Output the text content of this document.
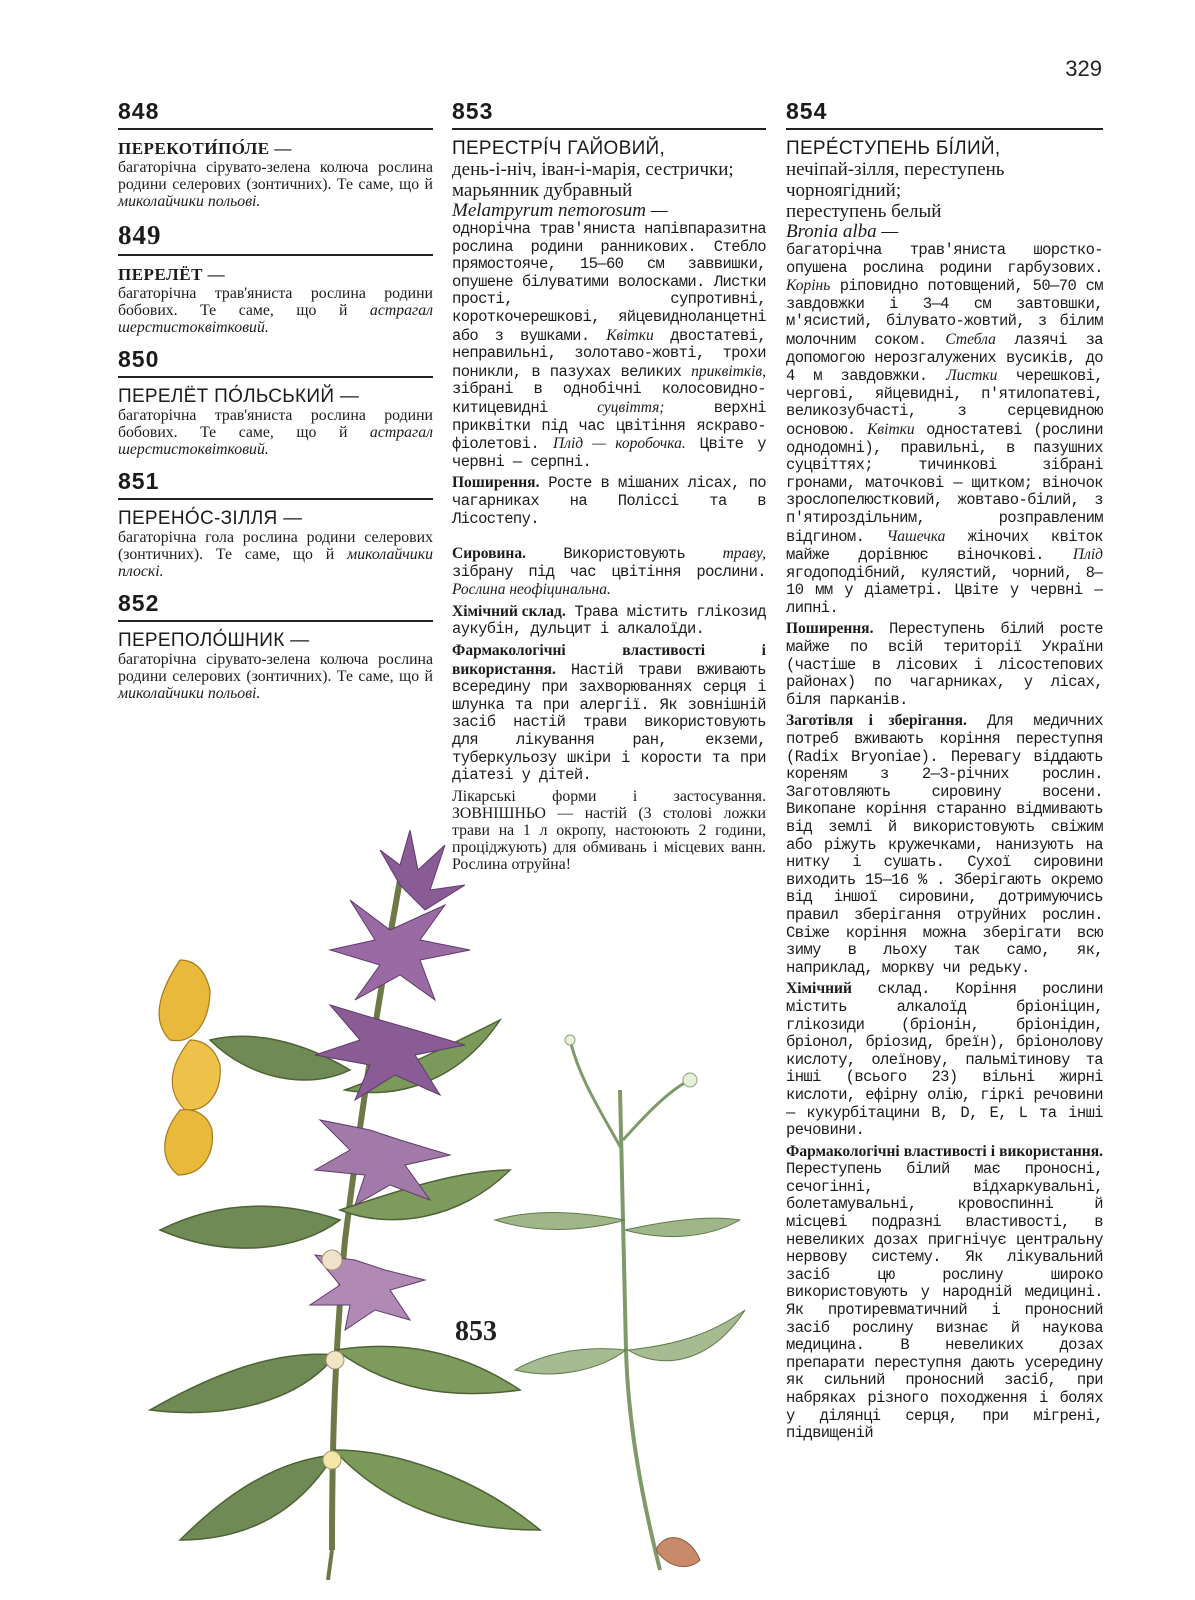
329
848

ПЕРЕКОТИ́ПО́ЛЕ —

багаторічна сірувато-зелена колюча рослина родини селерових (зонтичних). Те саме, що й миколайчики польові.

849

ПЕРЕЛЁТ —

багаторічна трав'яниста рослина родини бобових. Те саме, що й астрагал шерстистоквітковий.

850

ПЕРЕЛЁТ ПО́ЛЬСЬКИЙ —

багаторічна трав'яниста рослина родини бобових. Те саме, що й астрагал шерстистоквітковий.

851

ПЕРЕНО́С-ЗІЛЛЯ —

багаторічна гола рослина родини селерових (зонтичних). Те саме, що й миколайчики плоскі.

852

ПЕРЕПОЛО́ШНИК —

багаторічна сірувато-зелена колюча рослина родини селерових (зонтичних). Те саме, що й миколайчики польові.

853

ПЕРЕСТРІ́Ч ГАЙОВИЙ,

день-і-ніч, іван-і-марія, сестрички;

марьянник дубравный

Melampyrum nemorosum —

однорічна трав'яниста напівпаразитна рослина родини ранникових. Стебло прямостояче, 15—60 см заввишки, опушене білуватими волосками. Листки прості, супротивні, короткочерешкові, яйцевидноланцетні або з вушками. Квітки двостатеві, неправильні, золотаво-жовті, трохи поникли, в пазухах великих приквітків, зібрані в однобічні колосовидно-китицевидні суцвіття; верхні приквітки під час цвітіння яскраво-фіолетові. Плід — коробочка. Цвіте у червні — серпні.

Поширення. Росте в мішаних лісах, по чагарниках на Поліссі та в Лісостепу.

Сировина. Використовують траву, зібрану під час цвітіння рослини. Рослина неофіцинальна.

Хімічний склад. Трава містить глікозид аукубін, дульцит і алкалоїди.

Фармакологічні властивості і використання. Настій трави вживають всередину при захворюваннях серця і шлунка та при алергії. Як зовнішній засіб настій трави використовують для лікування ран, екземи, туберкульозу шкіри і корости та при діатезі у дітей.

Лікарські форми і застосування. ЗОВНІШНЬО — настій (3 столові ложки трави на 1 л окропу, настоюють 2 години, проціджують) для обмивань і місцевих ванн. Рослина отруйна!

854

ПЕРЕ́СТУПЕНЬ БІ́ЛИЙ,

нечіпай-зілля, переступень чорноягідний;

переступень белый

Bronia alba —

багаторічна трав'яниста шорстко-опушена рослина родини гарбузових. Корінь ріповидно потовщений, 50—70 см завдовжки і 3—4 см завтовшки, м'ясистий, білувато-жовтий, з білим молочним соком. Стебла лазячі за допомогою нерозгалужених вусиків, до 4 м завдовжки. Листки черешкові, чергові, яйцевидні, п'ятилопатеві, великозубчасті, з серцевидною основою. Квітки одностатеві (рослини однодомні), правильні, в пазушних суцвіттях; тичинкові зібрані гронами, маточкові — щитком; віночок зрослопелюстковий, жовтаво-білий, з п'ятироздільним, розправленим відгином. Чашечка жіночих квіток майже дорівнює віночкові. Плід ягодоподібний, кулястий, чорний, 8—10 мм у діаметрі. Цвіте у червні — липні.

Поширення. Переступень білий росте майже по всій території України (частіше в лісових і лісостепових районах) по чагарниках, у лісах, біля парканів.

Заготівля і зберігання. Для медичних потреб вживають коріння переступня (Radix Bryoniae). Перевагу віддають кореням з 2—3-річних рослин. Заготовляють сировину восени. Викопане коріння старанно відмивають від землі й використовують свіжим або ріжуть кружечками, нанизують на нитку і сушать. Сухої сировини виходить 15—16 % . Зберігають окремо від іншої сировини, дотримуючись правил зберігання отруйних рослин. Свіже коріння можна зберігати всю зиму в льоху так само, як, наприклад, моркву чи редьку.

Хімічний склад. Коріння рослини містить алкалоїд бріоніцин, глікозиди (бріонін, бріонідин, бріонол, бріозид, бреїн), бріонолову кислоту, олеїнову, пальмітинову та інші (всього 23) вільні жирні кислоти, ефірну олію, гіркі речовини — кукурбітацини B, D, E, L та інші речовини.

Фармакологічні властивості і використання. Переступень білий має проносні, сечогінні, відхаркувальні, болетамувальні, кровоспинні й місцеві подразні властивості, в невеликих дозах пригнічує центральну нервову систему. Як лікувальний засіб цю рослину широко використовують у народній медицині. Як протиревматичний і проносний засіб рослину визнає й наукова медицина. В невеликих дозах препарати переступня дають усередину як сильний проносний засіб, при набряках різного походження і болях у ділянці серця, при мігрені, підвищеній

853
